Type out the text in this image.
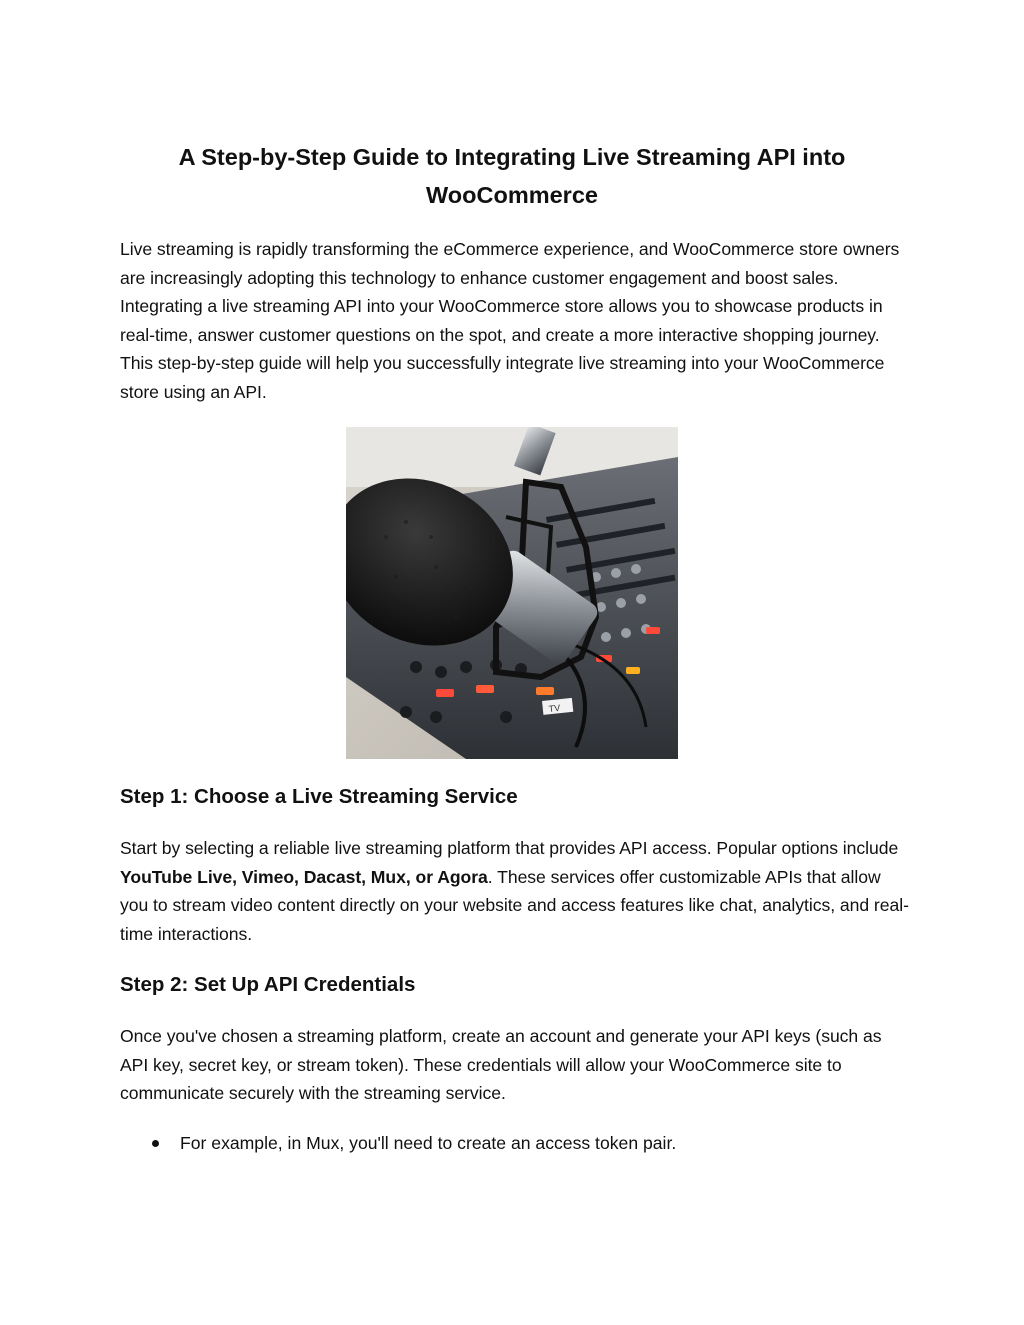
A Step-by-Step Guide to Integrating Live Streaming API into WooCommerce

Live streaming is rapidly transforming the eCommerce experience, and WooCommerce store owners are increasingly adopting this technology to enhance customer engagement and boost sales. Integrating a live streaming API into your WooCommerce store allows you to showcase products in real-time, answer customer questions on the spot, and create a more interactive shopping journey. This step-by-step guide will help you successfully integrate live streaming into your WooCommerce store using an API.

TV
Step 1: Choose a Live Streaming Service

Start by selecting a reliable live streaming platform that provides API access. Popular options include YouTube Live, Vimeo, Dacast, Mux, or Agora. These services offer customizable APIs that allow you to stream video content directly on your website and access features like chat, analytics, and real-time interactions.

Step 2: Set Up API Credentials

Once you've chosen a streaming platform, create an account and generate your API keys (such as API key, secret key, or stream token). These credentials will allow your WooCommerce site to communicate securely with the streaming service.

For example, in Mux, you'll need to create an access token pair.
